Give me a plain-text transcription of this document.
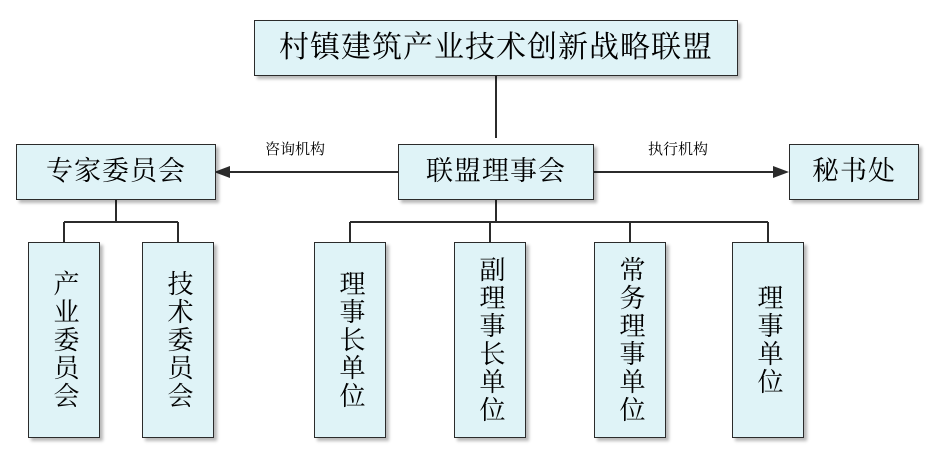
村镇建筑产业技术创新战略联盟
专家委员会	联盟理事会	秘书处
咨询机构	执行机构
产业委员会	技术委员会	理事长单位	副理事长单位	常务理事单位	理事单位
